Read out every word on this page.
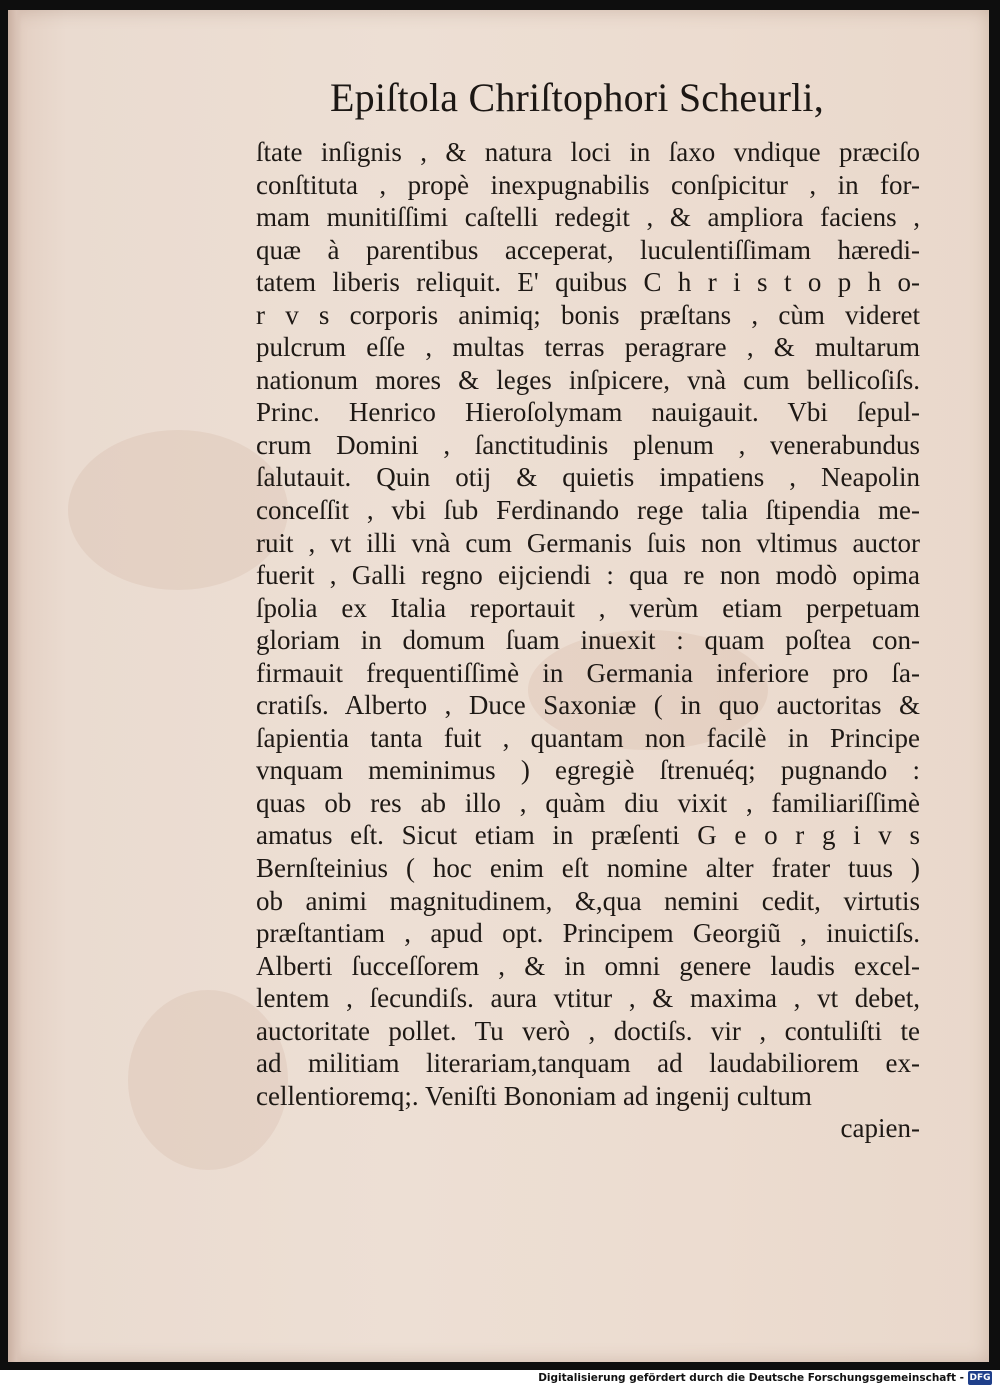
Epiſtola Chriſtophori Scheurli,
ſtate inſignis , & natura loci in ſaxo vndique præciſo
conſtituta , propè inexpugnabilis conſpicitur , in for-
mam munitiſſimi caſtelli redegit , & ampliora faciens ,
quæ à parentibus acceperat, luculentiſſimam hæredi-
tatem liberis reliquit. E' quibus C h r i s t o p h o-
r v s corporis animiq; bonis præſtans , cùm videret
pulcrum eſſe , multas terras peragrare , & multarum
nationum mores & leges inſpicere, vnà cum bellicoſiſs.
Princ. Henrico Hieroſolymam nauigauit. Vbi ſepul-
crum Domini , ſanctitudinis plenum , venerabundus
ſalutauit. Quin otij & quietis impatiens , Neapolin
conceſſit , vbi ſub Ferdinando rege talia ſtipendia me-
ruit , vt illi vnà cum Germanis ſuis non vltimus auctor
fuerit , Galli regno eijciendi : qua re non modò opima
ſpolia ex Italia reportauit , verùm etiam perpetuam
gloriam in domum ſuam inuexit : quam poſtea con-
firmauit frequentiſſimè in Germania inferiore pro ſa-
cratiſs. Alberto , Duce Saxoniæ ( in quo auctoritas &
ſapientia tanta fuit , quantam non facilè in Principe
vnquam meminimus ) egregiè ſtrenuéq; pugnando :
quas ob res ab illo , quàm diu vixit , familiariſſimè
amatus eſt. Sicut etiam in præſenti G e o r g i v s
Bernſteinius ( hoc enim eſt nomine alter frater tuus )
ob animi magnitudinem, &,qua nemini cedit, virtutis
præſtantiam , apud opt. Principem Georgiũ , inuictiſs.
Alberti ſucceſſorem , & in omni genere laudis excel-
lentem , ſecundiſs. aura vtitur , & maxima , vt debet,
auctoritate pollet. Tu verò , doctiſs. vir , contuliſti te
ad militiam literariam,tanquam ad laudabiliorem ex-
cellentioremq;. Veniſti Bononiam ad ingenij cultum
capien-
Digitalisierung gefördert durch die Deutsche Forschungsgemeinschaft - DFG
